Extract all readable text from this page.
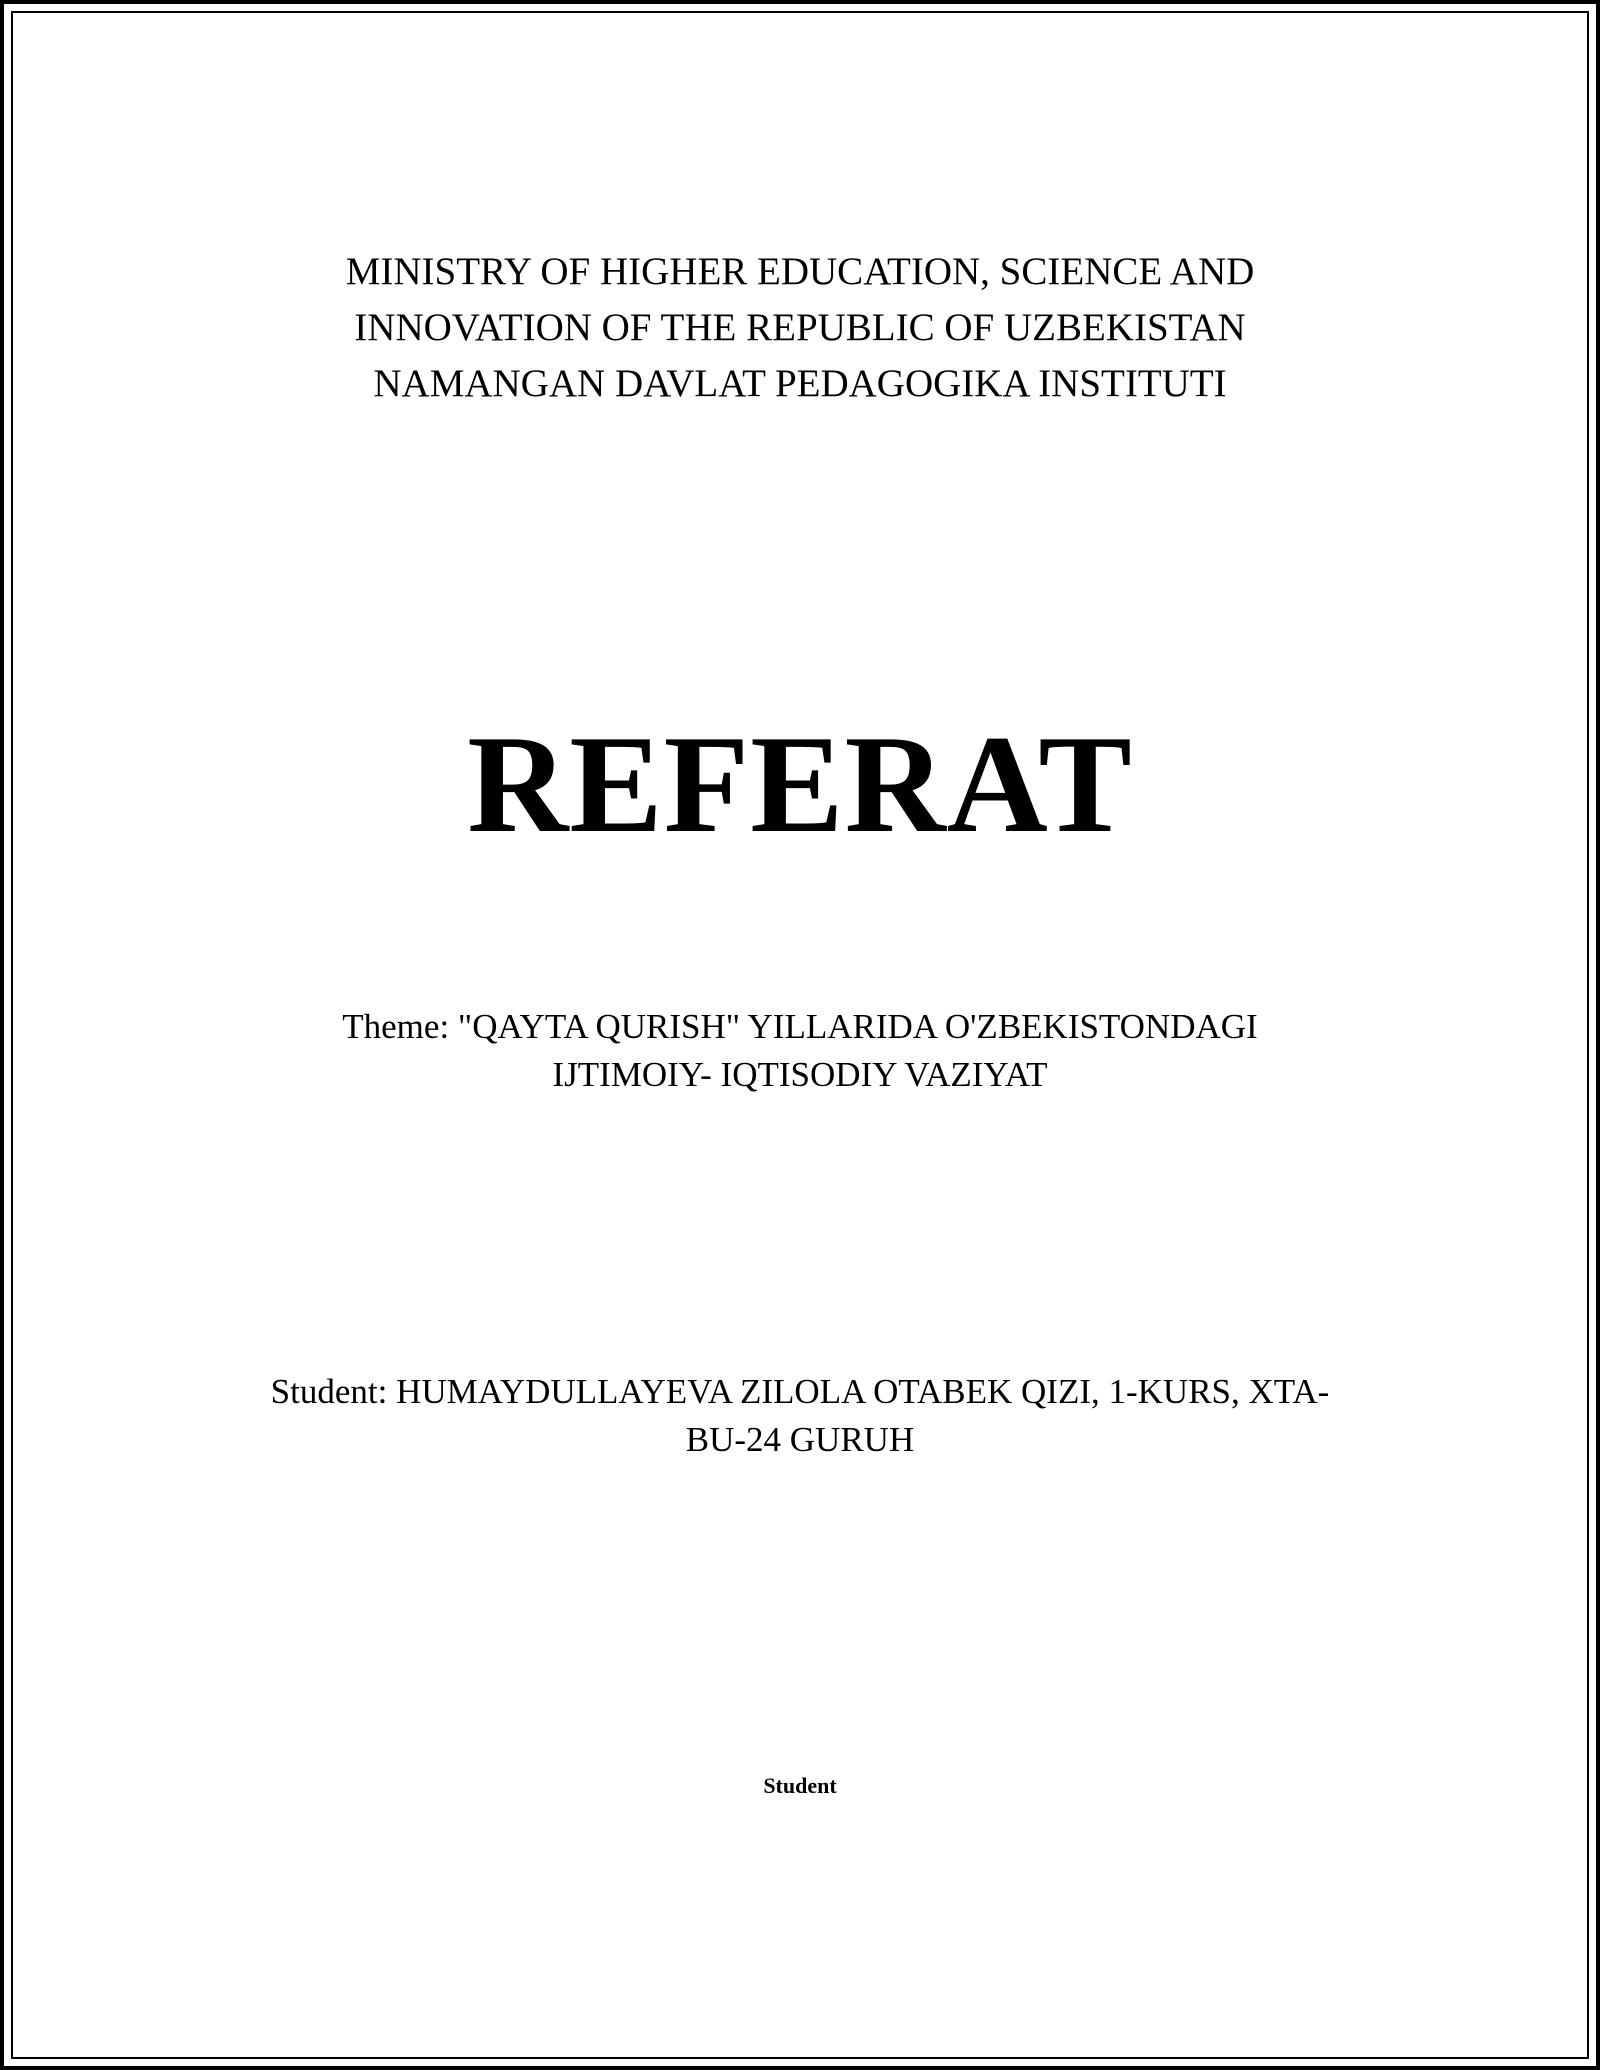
MINISTRY OF HIGHER EDUCATION, SCIENCE AND
INNOVATION OF THE REPUBLIC OF UZBEKISTAN
NAMANGAN DAVLAT PEDAGOGIKA INSTITUTI
REFERAT
Theme: "QAYTA QURISH" YILLARIDA O'ZBEKISTONDAGI
IJTIMOIY- IQTISODIY VAZIYAT
Student: HUMAYDULLAYEVA ZILOLA OTABEK QIZI, 1-KURS, XTA-
BU-24 GURUH
Student
